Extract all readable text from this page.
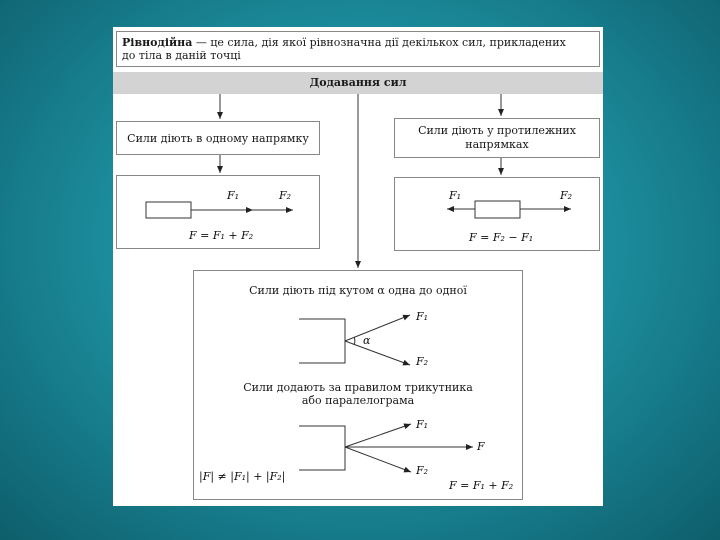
Рівнодійна — це сила, дія якої рівнозначна дії декількох сил, прикладених
до тіла в даній точці
Додавання сил
Сили діють в одному напрямку
F₁	F₂
F = F₁ + F₂
Сили діють у протилежних
напрямках
F₁	F₂
F = F₂ − F₁
Сили діють під кутом α одна до одної
α
F₁
F₂
Сили додають за правилом трикутника
або паралелограма
F₁
F
F₂
|F| ≠ |F₁| + |F₂|
F = F₁ + F₂
